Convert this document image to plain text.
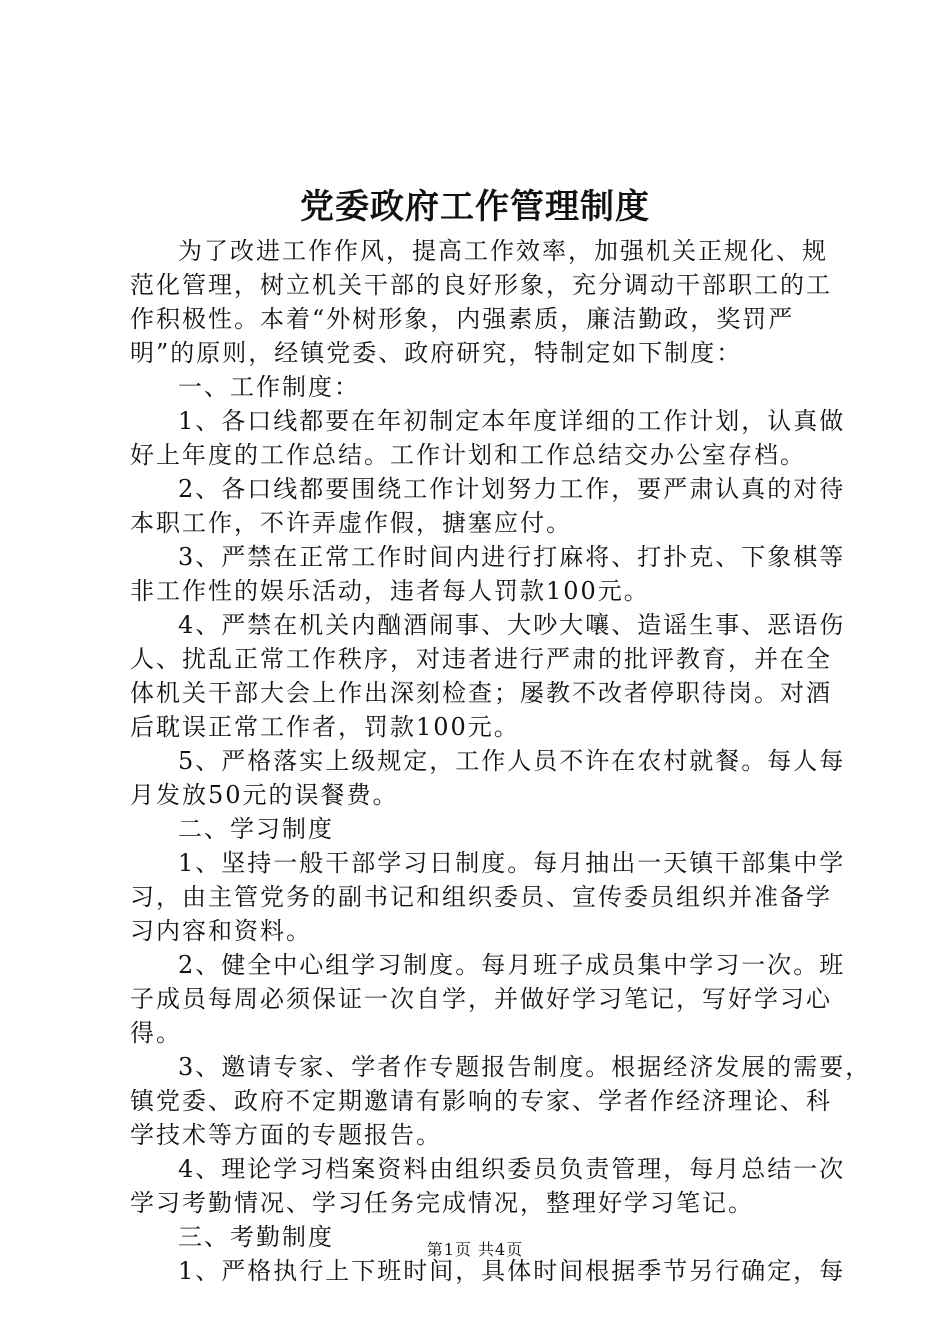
党委政府工作管理制度

为了改进工作作风，提高工作效率，加强机关正规化、规
范化管理，树立机关干部的良好形象，充分调动干部职工的工
作积极性。本着“外树形象，内强素质，廉洁勤政，奖罚严
明”的原则，经镇党委、政府研究，特制定如下制度：

一、工作制度：

1、各口线都要在年初制定本年度详细的工作计划，认真做
好上年度的工作总结。工作计划和工作总结交办公室存档。

2、各口线都要围绕工作计划努力工作，要严肃认真的对待
本职工作，不许弄虚作假，搪塞应付。

3、严禁在正常工作时间内进行打麻将、打扑克、下象棋等
非工作性的娱乐活动，违者每人罚款100元。

4、严禁在机关内酗酒闹事、大吵大嚷、造谣生事、恶语伤
人、扰乱正常工作秩序，对违者进行严肃的批评教育，并在全
体机关干部大会上作出深刻检查；屡教不改者停职待岗。对酒
后耽误正常工作者，罚款100元。

5、严格落实上级规定，工作人员不许在农村就餐。每人每
月发放50元的误餐费。

二、学习制度

1、坚持一般干部学习日制度。每月抽出一天镇干部集中学
习，由主管党务的副书记和组织委员、宣传委员组织并准备学
习内容和资料。

2、健全中心组学习制度。每月班子成员集中学习一次。班
子成员每周必须保证一次自学，并做好学习笔记，写好学习心
得。

3、邀请专家、学者作专题报告制度。根据经济发展的需要，
镇党委、政府不定期邀请有影响的专家、学者作经济理论、科
学技术等方面的专题报告。

4、理论学习档案资料由组织委员负责管理，每月总结一次
学习考勤情况、学习任务完成情况，整理好学习笔记。

三、考勤制度

1、严格执行上下班时间，具体时间根据季节另行确定，每

第1页 共4页
